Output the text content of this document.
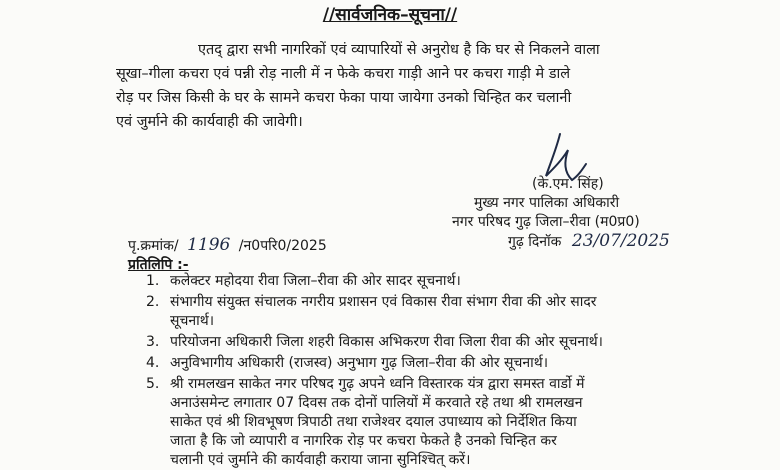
//सार्वजनिक–सूचना//
एतद् द्वारा सभी नागरिकों एवं व्यापारियों से अनुरोध है कि घर से निकलने वाला
सूखा–गीला कचरा एवं पन्नी रोड़ नाली में न फेके कचरा गाड़ी आने पर कचरा गाड़ी मे डाले
रोड़ पर जिस किसी के घर के सामने कचरा फेका पाया जायेगा उनको चिन्हित कर चलानी
एवं जुर्माने की कार्यवाही की जावेगी।
(के.एम. सिंह)
मुख्य नगर पालिका अधिकारी
नगर परिषद गुढ़ जिला–रीवा (म0प्र0)
गुढ़ दिनॉक 23/07/2025
पृ.क्रमांक/ 1196 /न0परि0/2025
प्रतिलिपि :-
1. कलेक्टर महोदया रीवा जिला–रीवा की ओर सादर सूचनार्थ।
2. संभागीय संयुक्त संचालक नगरीय प्रशासन एवं विकास रीवा संभाग रीवा की ओर सादर
सूचनार्थ।
3. परियोजना अधिकारी जिला शहरी विकास अभिकरण रीवा जिला रीवा की ओर सूचनार्थ।
4. अनुविभागीय अधिकारी (राजस्व) अनुभाग गुढ़ जिला–रीवा की ओर सूचनार्थ।
5. श्री रामलखन साकेत नगर परिषद गुढ़ अपने ध्वनि विस्तारक यंत्र द्वारा समस्त वार्डो में
अनाउंसमेन्ट लगातार 07 दिवस तक दोनों पालियों में करवाते रहे तथा श्री रामलखन
साकेत एवं श्री शिवभूषण त्रिपाठी तथा राजेश्वर दयाल उपाध्याय को निर्देशित किया
जाता है कि जो व्यापारी व नागरिक रोड़ पर कचरा फेकते है उनको चिन्हित कर
चलानी एवं जुर्माने की कार्यवाही कराया जाना सुनिश्चित् करें।
